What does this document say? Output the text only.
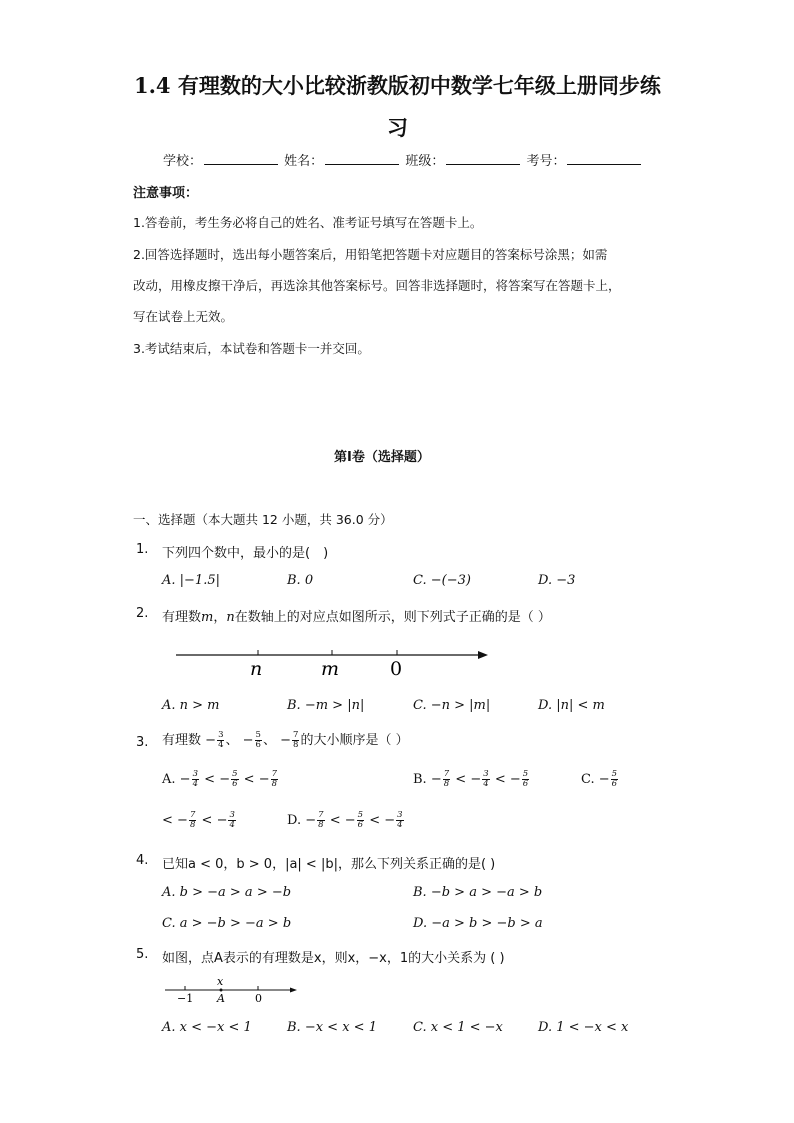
1.4 有理数的大小比较浙教版初中数学七年级上册同步练
习
学校：	姓名：	班级：	考号：
注意事项：
1.答卷前，考生务必将自己的姓名、准考证号填写在答题卡上。
2.回答选择题时，选出每小题答案后，用铅笔把答题卡对应题目的答案标号涂黑；如需
改动，用橡皮擦干净后，再选涂其他答案标号。回答非选择题时，将答案写在答题卡上，
写在试卷上无效。
3.考试结束后，本试卷和答题卡一并交回。
第I卷（选择题）
一、选择题（本大题共 12 小题，共 36.0 分）
1. 下列四个数中，最小的是(　)
A. |−1.5|	B. 0	C. −(−3)	D. −3
2. 有理数m，n在数轴上的对应点如图所示，则下列式子正确的是（ ）
n	m	0
A. n > m	B. −m > |n|	C. −n > |m|	D. |n| < m
3. 有理数 − $\frac{3}{4}$ 、 − $\frac{5}{6}$ 、 − $\frac{7}{8}$ 的大小顺序是（ ）
A. − $\frac{3}{4}$ < − $\frac{5}{6}$ < − $\frac{7}{8}$	B. − $\frac{7}{8}$ < − $\frac{3}{4}$ < − $\frac{5}{6}$	C. − $\frac{5}{6}$
< − $\frac{7}{8}$ < − $\frac{3}{4}$	D. − $\frac{7}{8}$ < − $\frac{5}{6}$ < − $\frac{3}{4}$
4. 已知a < 0，b > 0，|a| < |b|，那么下列关系正确的是( )
A. b > −a > a > −b	B. −b > a > −a > b
C. a > −b > −a > b	D. −a > b > −b > a
5. 如图，点A表示的有理数是x，则x，−x，1的大小关系为 ( )
x
−1 A	0
A. x < −x < 1	B. −x < x < 1	C. x < 1 < −x	D. 1 < −x < x
